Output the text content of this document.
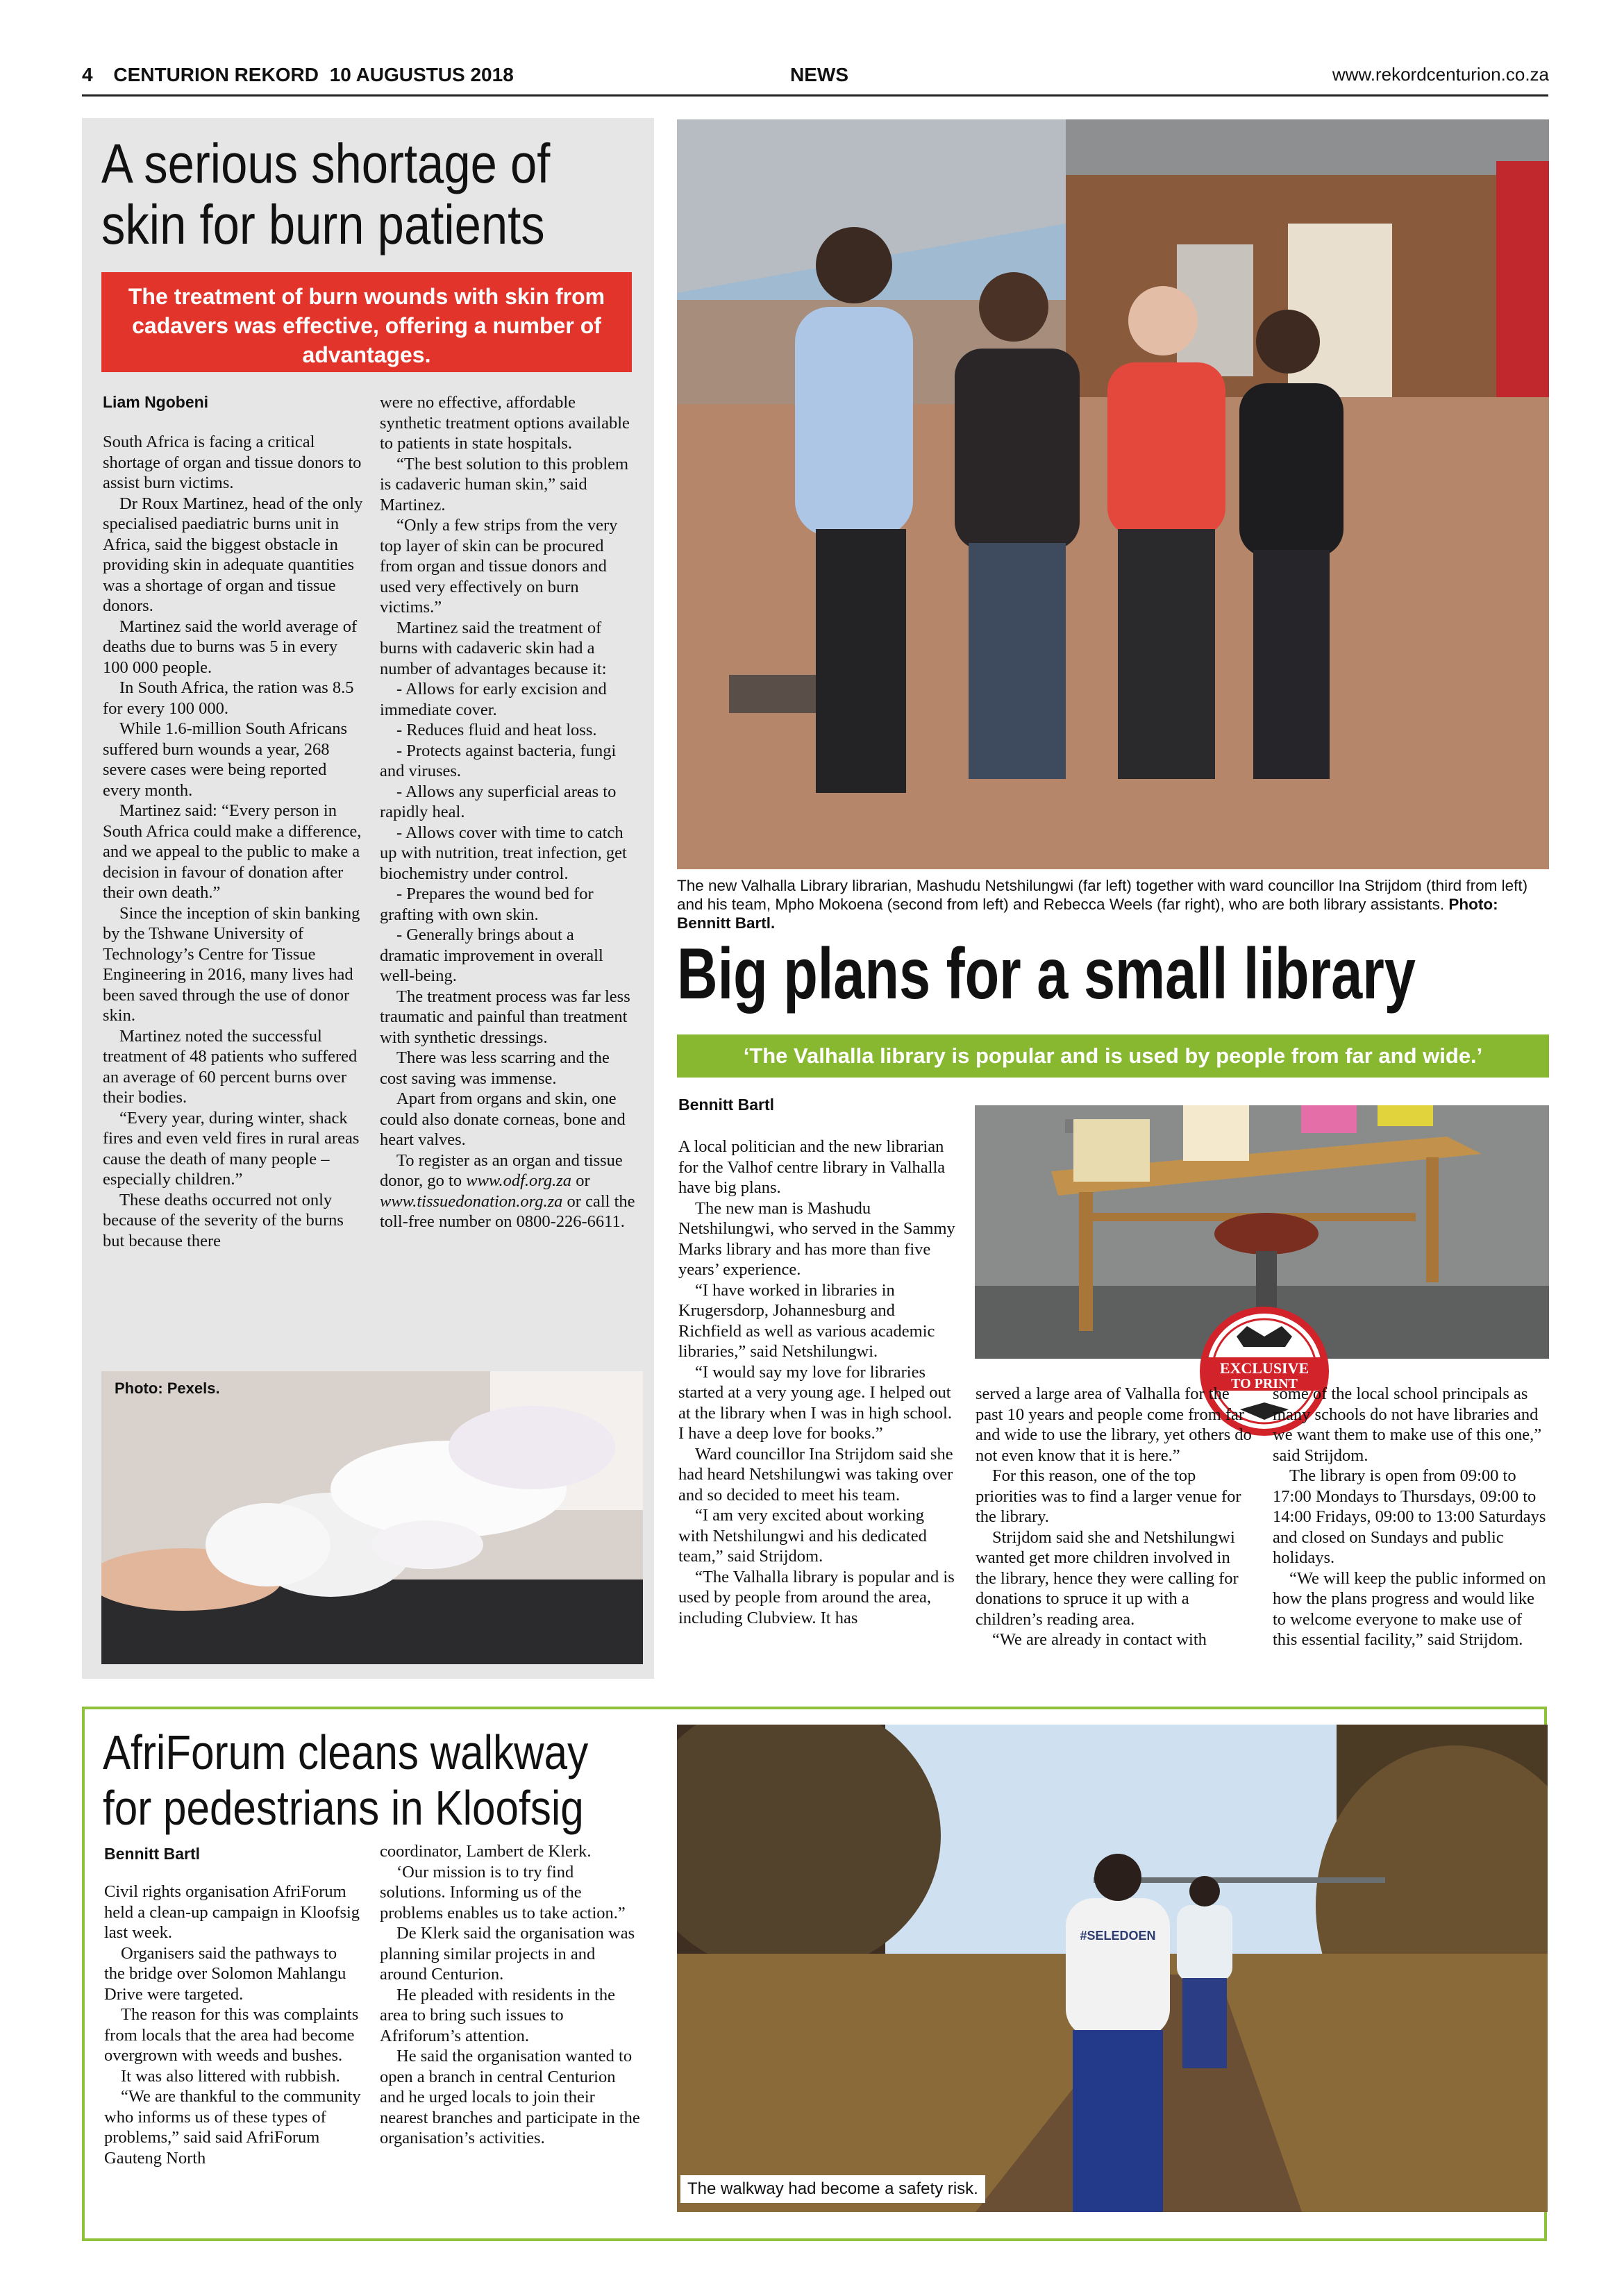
4 CENTURION REKORD 10 AUGUSTUS 2018	NEWS	www.rekordcenturion.co.za
A serious shortage of
skin for burn patients
The treatment of burn wounds with skin from cadavers was effective, offering a number of advantages.
Liam Ngobeni

South Africa is facing a critical shortage of organ and tissue donors to assist burn victims.

Dr Roux Martinez, head of the only specialised paediatric burns unit in Africa, said the biggest obstacle in providing skin in adequate quantities was a shortage of organ and tissue donors.

Martinez said the world average of deaths due to burns was 5 in every 100 000 people.

In South Africa, the ration was 8.5 for every 100 000.

While 1.6-million South Africans suffered burn wounds a year, 268 severe cases were being reported every month.

Martinez said: “Every person in South Africa could make a difference, and we appeal to the public to make a decision in favour of donation after their own death.”

Since the inception of skin banking by the Tshwane University of Technology’s Centre for Tissue Engineering in 2016, many lives had been saved through the use of donor skin.

Martinez noted the successful treatment of 48 patients who suffered an average of 60 percent burns over their bodies.

“Every year, during winter, shack fires and even veld fires in rural areas cause the death of many people – especially children.”

These deaths occurred not only because of the severity of the burns but because there

were no effective, affordable synthetic treatment options available to patients in state hospitals.

“The best solution to this problem is cadaveric human skin,” said Martinez.

“Only a few strips from the very top layer of skin can be procured from organ and tissue donors and used very effectively on burn victims.”

Martinez said the treatment of burns with cadaveric skin had a number of advantages because it:

- Allows for early excision and immediate cover.

- Reduces fluid and heat loss.

- Protects against bacteria, fungi and viruses.

- Allows any superficial areas to rapidly heal.

- Allows cover with time to catch up with nutrition, treat infection, get biochemistry under control.

- Prepares the wound bed for grafting with own skin.

- Generally brings about a dramatic improvement in overall well-being.

The treatment process was far less traumatic and painful than treatment with synthetic dressings.

There was less scarring and the cost saving was immense.

Apart from organs and skin, one could also donate corneas, bone and heart valves.

To register as an organ and tissue donor, go to www.odf.org.za or www.tissuedonation.org.za or call the toll-free number on 0800-226-6611.

Photo: Pexels.
The new Valhalla Library librarian, Mashudu Netshilungwi (far left) together with ward councillor Ina Strijdom (third from left) and his team, Mpho Mokoena (second from left) and Rebecca Weels (far right), who are both library assistants. Photo: Bennitt Bartl.
Big plans for a small library
‘The Valhalla library is popular and is used by people from far and wide.’
Bennitt Bartl

A local politician and the new librarian for the Valhof centre library in Valhalla have big plans.

The new man is Mashudu Netshilungwi, who served in the Sammy Marks library and has more than five years’ experience.

“I have worked in libraries in Krugersdorp, Johannesburg and Richfield as well as various academic libraries,” said Netshilungwi.

“I would say my love for libraries started at a very young age. I helped out at the library when I was in high school. I have a deep love for books.”

Ward councillor Ina Strijdom said she had heard Netshilungwi was taking over and so decided to meet his team.

“I am very excited about working with Netshilungwi and his dedicated team,” said Strijdom.

“The Valhalla library is popular and is used by people from around the area, including Clubview. It has

EXCLUSIVE
TO PRINT

served a large area of Valhalla for the past 10 years and people come from far and wide to use the library, yet others do not even know that it is here.”

For this reason, one of the top priorities was to find a larger venue for the library.

Strijdom said she and Netshilungwi wanted get more children involved in the library, hence they were calling for donations to spruce it up with a children’s reading area.

“We are already in contact with

some of the local school principals as many schools do not have libraries and we want them to make use of this one,” said Strijdom.

The library is open from 09:00 to 17:00 Mondays to Thursdays, 09:00 to 14:00 Fridays, 09:00 to 13:00 Saturdays and closed on Sundays and public holidays.

“We will keep the public informed on how the plans progress and would like to welcome everyone to make use of this essential facility,” said Strijdom.

AfriForum cleans walkway
for pedestrians in Kloofsig
Bennitt Bartl

Civil rights organisation AfriForum held a clean-up campaign in Kloofsig last week.

Organisers said the pathways to the bridge over Solomon Mahlangu Drive were targeted.

The reason for this was complaints from locals that the area had become overgrown with weeds and bushes.

It was also littered with rubbish.

“We are thankful to the community who informs us of these types of problems,” said said AfriForum Gauteng North

coordinator, Lambert de Klerk.

‘Our mission is to try find solutions. Informing us of the problems enables us to take action.”

De Klerk said the organisation was planning similar projects in and around Centurion.

He pleaded with residents in the area to bring such issues to Afriforum’s attention.

He said the organisation wanted to open a branch in central Centurion and he urged locals to join their nearest branches and participate in the organisation’s activities.

#SELEDOEN
The walkway had become a safety risk.
